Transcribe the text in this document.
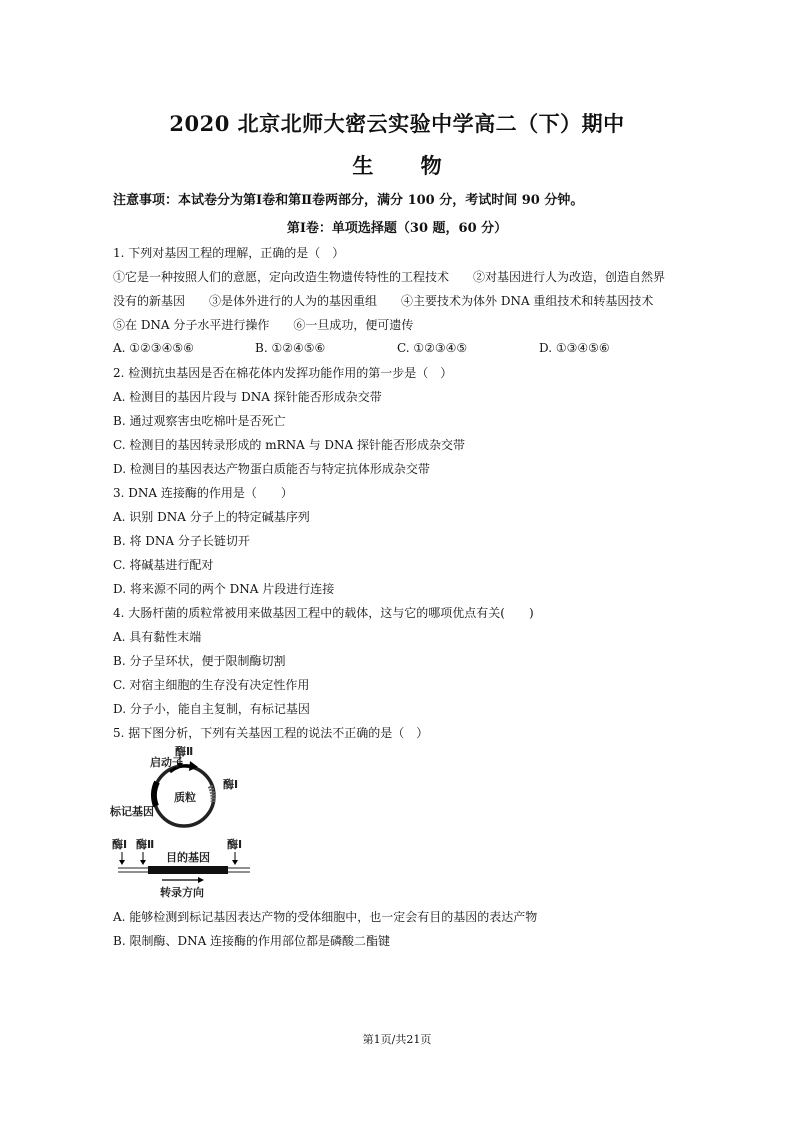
2020 北京北师大密云实验中学高二（下）期中
生 物
注意事项：本试卷分为第Ⅰ卷和第Ⅱ卷两部分，满分 100 分，考试时间 90 分钟。
第Ⅰ卷：单项选择题（30 题，60 分）
1. 下列对基因工程的理解，正确的是（　）
①它是一种按照人们的意愿，定向改造生物遗传特性的工程技术　　②对基因进行人为改造，创造自然界
没有的新基因　　③是体外进行的人为的基因重组　　④主要技术为体外 DNA 重组技术和转基因技术
⑤在 DNA 分子水平进行操作　　⑥一旦成功，便可遗传
A. ①②③④⑤⑥	B. ①②④⑤⑥	C. ①②③④⑤	D. ①③④⑤⑥
2. 检测抗虫基因是否在棉花体内发挥功能作用的第一步是（　）
A. 检测目的基因片段与 DNA 探针能否形成杂交带
B. 通过观察害虫吃棉叶是否死亡
C. 检测目的基因转录形成的 mRNA 与 DNA 探针能否形成杂交带
D. 检测目的基因表达产物蛋白质能否与特定抗体形成杂交带
3. DNA 连接酶的作用是（　　）
A. 识别 DNA 分子上的特定碱基序列
B. 将 DNA 分子长链切开
C. 将碱基进行配对
D. 将来源不同的两个 DNA 片段进行连接
4. 大肠杆菌的质粒常被用来做基因工程中的载体，这与它的哪项优点有关(　　)
A. 具有黏性末端
B. 分子呈环状，便于限制酶切割
C. 对宿主细胞的生存没有决定性作用
D. 分子小，能自主复制，有标记基因
5. 据下图分析，下列有关基因工程的说法不正确的是（　）
启动子
酶Ⅱ
酶Ⅰ
质粒
标记基因
酶Ⅰ 酶Ⅱ	酶Ⅰ
目的基因
转录方向
A. 能够检测到标记基因表达产物的受体细胞中，也一定会有目的基因的表达产物
B. 限制酶、DNA 连接酶的作用部位都是磷酸二酯键
第1页/共21页
